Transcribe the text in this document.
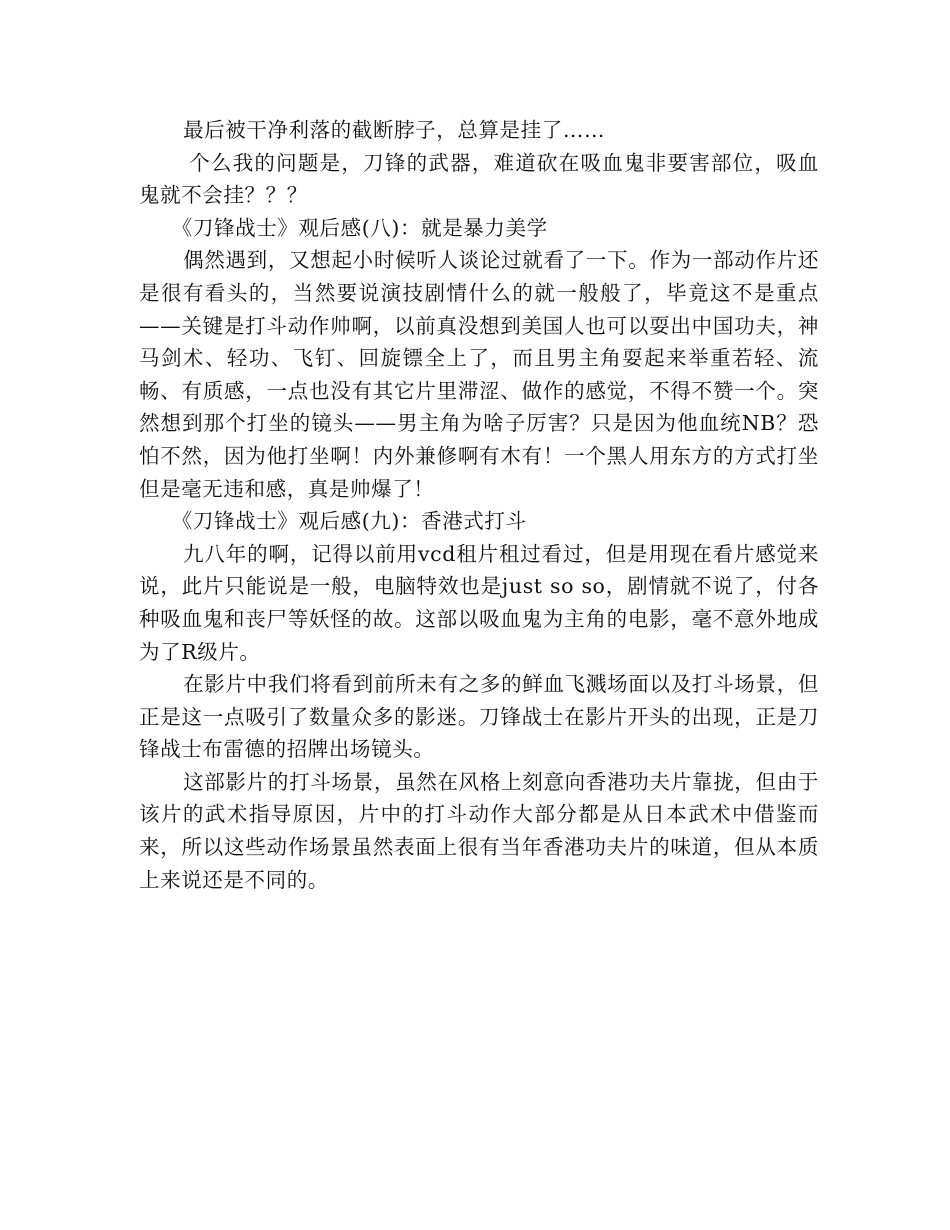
最后被干净利落的截断脖子，总算是挂了……

个么我的问题是，刀锋的武器，难道砍在吸血鬼非要害部位，吸血鬼就不会挂？？？

《刀锋战士》观后感(八)：就是暴力美学

偶然遇到，又想起小时候听人谈论过就看了一下。作为一部动作片还是很有看头的，当然要说演技剧情什么的就一般般了，毕竟这不是重点——关键是打斗动作帅啊，以前真没想到美国人也可以耍出中国功夫，神马剑术、轻功、飞钉、回旋镖全上了，而且男主角耍起来举重若轻、流畅、有质感，一点也没有其它片里滞涩、做作的感觉，不得不赞一个。突然想到那个打坐的镜头——男主角为啥子厉害？只是因为他血统NB？恐怕不然，因为他打坐啊！内外兼修啊有木有！一个黑人用东方的方式打坐但是毫无违和感，真是帅爆了！

《刀锋战士》观后感(九)：香港式打斗

九八年的啊，记得以前用vcd租片租过看过，但是用现在看片感觉来说，此片只能说是一般，电脑特效也是just so so，剧情就不说了，付各种吸血鬼和丧尸等妖怪的故。这部以吸血鬼为主角的电影，毫不意外地成为了R级片。

在影片中我们将看到前所未有之多的鲜血飞溅场面以及打斗场景，但正是这一点吸引了数量众多的影迷。刀锋战士在影片开头的出现，正是刀锋战士布雷德的招牌出场镜头。

这部影片的打斗场景，虽然在风格上刻意向香港功夫片靠拢，但由于该片的武术指导原因，片中的打斗动作大部分都是从日本武术中借鉴而来，所以这些动作场景虽然表面上很有当年香港功夫片的味道，但从本质上来说还是不同的。
